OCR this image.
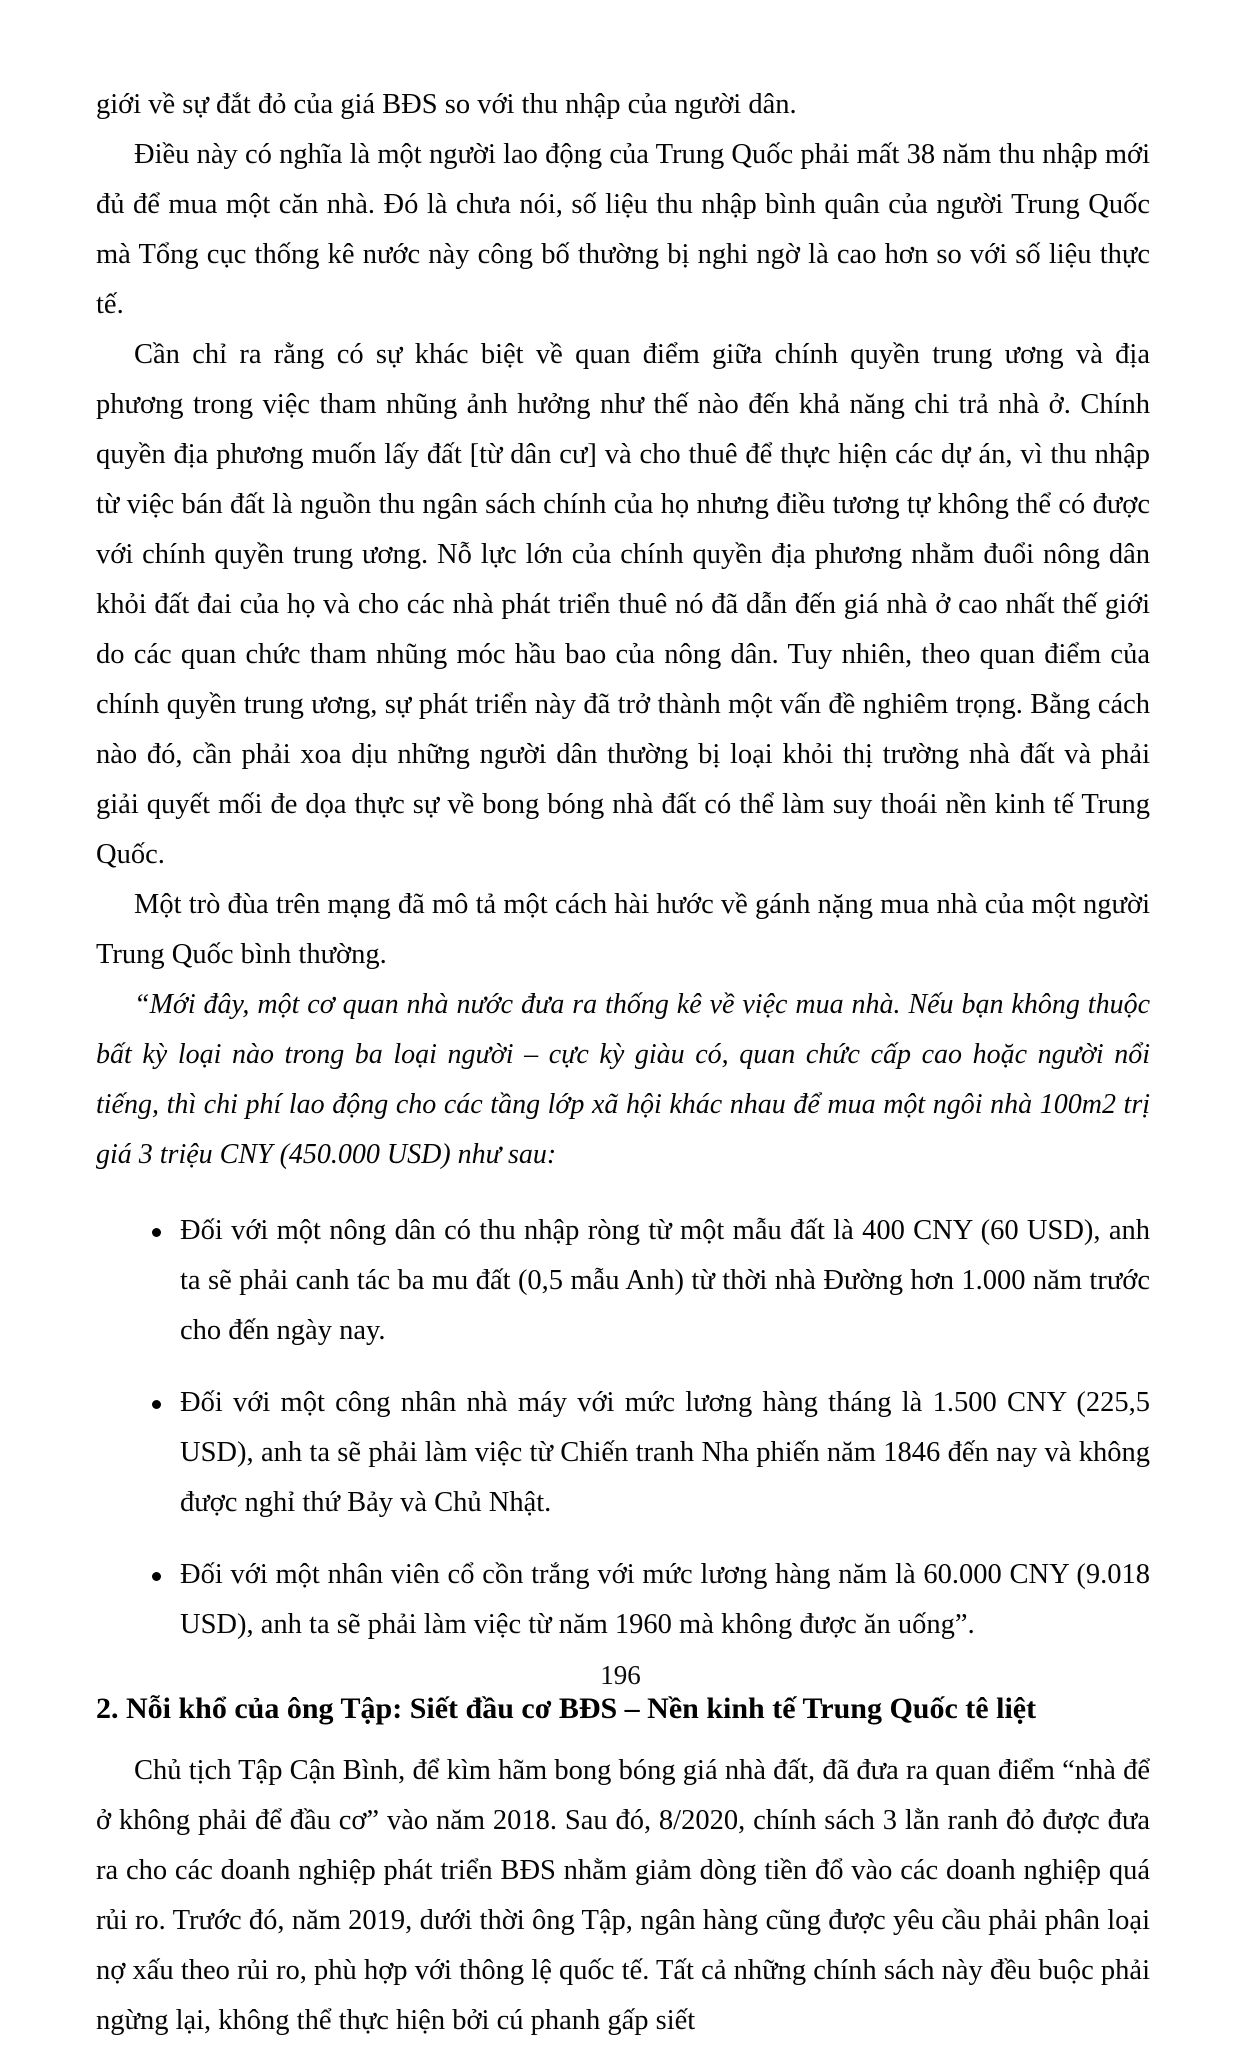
giới về sự đắt đỏ của giá BĐS so với thu nhập của người dân.

Điều này có nghĩa là một người lao động của Trung Quốc phải mất 38 năm thu nhập mới đủ để mua một căn nhà. Đó là chưa nói, số liệu thu nhập bình quân của người Trung Quốc mà Tổng cục thống kê nước này công bố thường bị nghi ngờ là cao hơn so với số liệu thực tế.

Cần chỉ ra rằng có sự khác biệt về quan điểm giữa chính quyền trung ương và địa phương trong việc tham nhũng ảnh hưởng như thế nào đến khả năng chi trả nhà ở. Chính quyền địa phương muốn lấy đất [từ dân cư] và cho thuê để thực hiện các dự án, vì thu nhập từ việc bán đất là nguồn thu ngân sách chính của họ nhưng điều tương tự không thể có được với chính quyền trung ương. Nỗ lực lớn của chính quyền địa phương nhằm đuổi nông dân khỏi đất đai của họ và cho các nhà phát triển thuê nó đã dẫn đến giá nhà ở cao nhất thế giới do các quan chức tham nhũng móc hầu bao của nông dân. Tuy nhiên, theo quan điểm của chính quyền trung ương, sự phát triển này đã trở thành một vấn đề nghiêm trọng. Bằng cách nào đó, cần phải xoa dịu những người dân thường bị loại khỏi thị trường nhà đất và phải giải quyết mối đe dọa thực sự về bong bóng nhà đất có thể làm suy thoái nền kinh tế Trung Quốc.

Một trò đùa trên mạng đã mô tả một cách hài hước về gánh nặng mua nhà của một người Trung Quốc bình thường.

“Mới đây, một cơ quan nhà nước đưa ra thống kê về việc mua nhà. Nếu bạn không thuộc bất kỳ loại nào trong ba loại người – cực kỳ giàu có, quan chức cấp cao hoặc người nổi tiếng, thì chi phí lao động cho các tầng lớp xã hội khác nhau để mua một ngôi nhà 100m2 trị giá 3 triệu CNY (450.000 USD) như sau:

Đối với một nông dân có thu nhập ròng từ một mẫu đất là 400 CNY (60 USD), anh ta sẽ phải canh tác ba mu đất (0,5 mẫu Anh) từ thời nhà Đường hơn 1.000 năm trước cho đến ngày nay.
Đối với một công nhân nhà máy với mức lương hàng tháng là 1.500 CNY (225,5 USD), anh ta sẽ phải làm việc từ Chiến tranh Nha phiến năm 1846 đến nay và không được nghỉ thứ Bảy và Chủ Nhật.
Đối với một nhân viên cổ cồn trắng với mức lương hàng năm là 60.000 CNY (9.018 USD), anh ta sẽ phải làm việc từ năm 1960 mà không được ăn uống”.
2. Nỗi khổ của ông Tập: Siết đầu cơ BĐS – Nền kinh tế Trung Quốc tê liệt

Chủ tịch Tập Cận Bình, để kìm hãm bong bóng giá nhà đất, đã đưa ra quan điểm “nhà để ở không phải để đầu cơ” vào năm 2018. Sau đó, 8/2020, chính sách 3 lằn ranh đỏ được đưa ra cho các doanh nghiệp phát triển BĐS nhằm giảm dòng tiền đổ vào các doanh nghiệp quá rủi ro. Trước đó, năm 2019, dưới thời ông Tập, ngân hàng cũng được yêu cầu phải phân loại nợ xấu theo rủi ro, phù hợp với thông lệ quốc tế. Tất cả những chính sách này đều buộc phải ngừng lại, không thể thực hiện bởi cú phanh gấp siết

196
